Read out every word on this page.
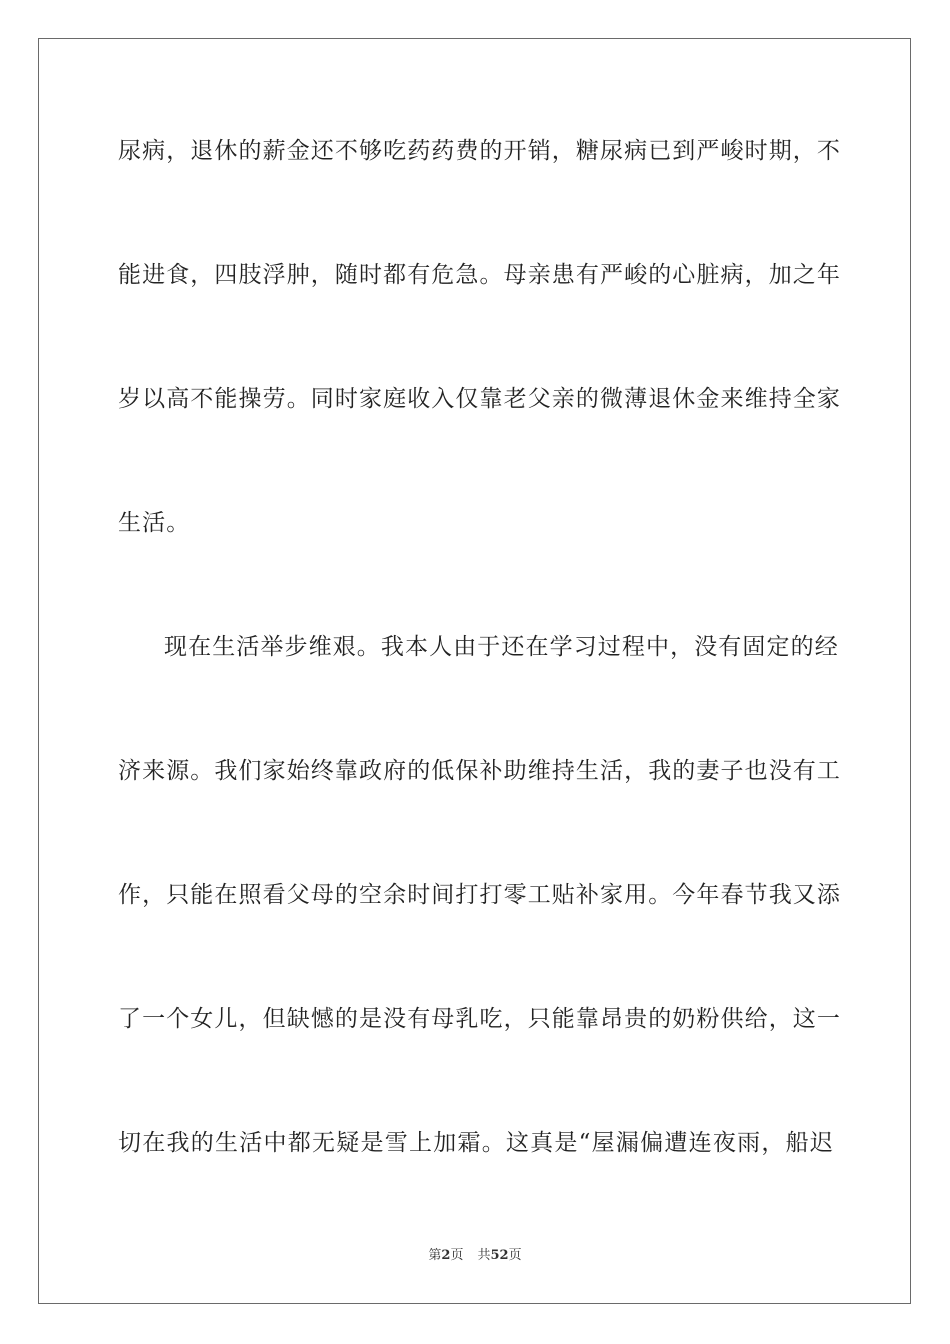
尿病，退休的薪金还不够吃药药费的开销，糖尿病已到严峻时期，不
能进食，四肢浮肿，随时都有危急。母亲患有严峻的心脏病，加之年
岁以高不能操劳。同时家庭收入仅靠老父亲的微薄退休金来维持全家
生活。
现在生活举步维艰。我本人由于还在学习过程中，没有固定的经
济来源。我们家始终靠政府的低保补助维持生活，我的妻子也没有工
作，只能在照看父母的空余时间打打零工贴补家用。今年春节我又添
了一个女儿，但缺憾的是没有母乳吃，只能靠昂贵的奶粉供给，这一
切在我的生活中都无疑是雪上加霜。这真是“屋漏偏遭连夜雨，船迟
第2页 共52页
